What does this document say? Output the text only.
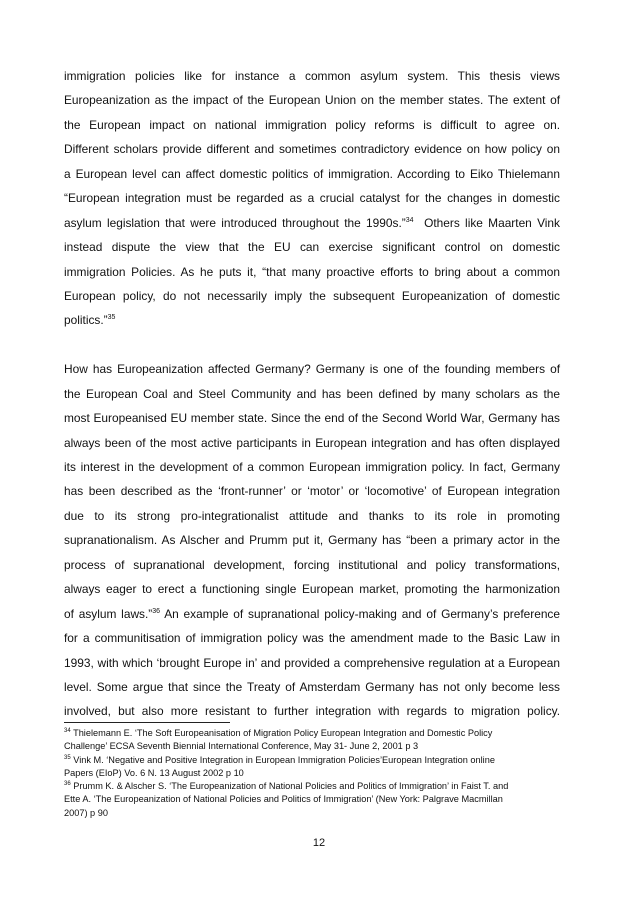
immigration policies like for instance a common asylum system. This thesis views
Europeanization as the impact of the European Union on the member states. The extent of
the European impact on national immigration policy reforms is difficult to agree on.
Different scholars provide different and sometimes contradictory evidence on how policy on
a European level can affect domestic politics of immigration. According to Eiko Thielemann
“European integration must be regarded as a crucial catalyst for the changes in domestic
asylum legislation that were introduced throughout the 1990s.”$^{34}$  Others like Maarten Vink
instead dispute the view that the EU can exercise significant control on domestic
immigration Policies. As he puts it, “that many proactive efforts to bring about a common
European policy, do not necessarily imply the subsequent Europeanization of domestic
politics.”$^{35}$
How has Europeanization affected Germany? Germany is one of the founding members of
the European Coal and Steel Community and has been defined by many scholars as the
most Europeanised EU member state. Since the end of the Second World War, Germany has
always been of the most active participants in European integration and has often displayed
its interest in the development of a common European immigration policy. In fact, Germany
has been described as the ‘front-runner’ or ‘motor’ or ‘locomotive’ of European integration
due to its strong pro-integrationalist attitude and thanks to its role in promoting
supranationalism. As Alscher and Prumm put it, Germany has “been a primary actor in the
process of supranational development, forcing institutional and policy transformations,
always eager to erect a functioning single European market, promoting the harmonization
of asylum laws.”$^{36}$ An example of supranational policy-making and of Germany’s preference
for a communitisation of immigration policy was the amendment made to the Basic Law in
1993, with which ‘brought Europe in’ and provided a comprehensive regulation at a European
level. Some argue that since the Treaty of Amsterdam Germany has not only become less
involved, but also more resistant to further integration with regards to migration policy.
$^{34}$ Thielemann E. ‘The Soft Europeanisation of Migration Policy European Integration and Domestic Policy
Challenge’ ECSA Seventh Biennial International Conference, May 31- June 2, 2001 p 3
$^{35}$ Vink M. ‘Negative and Positive Integration in European Immigration Policies’European Integration online
Papers (EIoP) Vo. 6 N. 13 August 2002 p 10
$^{36}$ Prumm K. & Alscher S. ‘The Europeanization of National Policies and Politics of Immigration’ in Faist T. and
Ette A. ‘The Europeanization of National Policies and Politics of Immigration’ (New York: Palgrave Macmillan
2007) p 90
12
